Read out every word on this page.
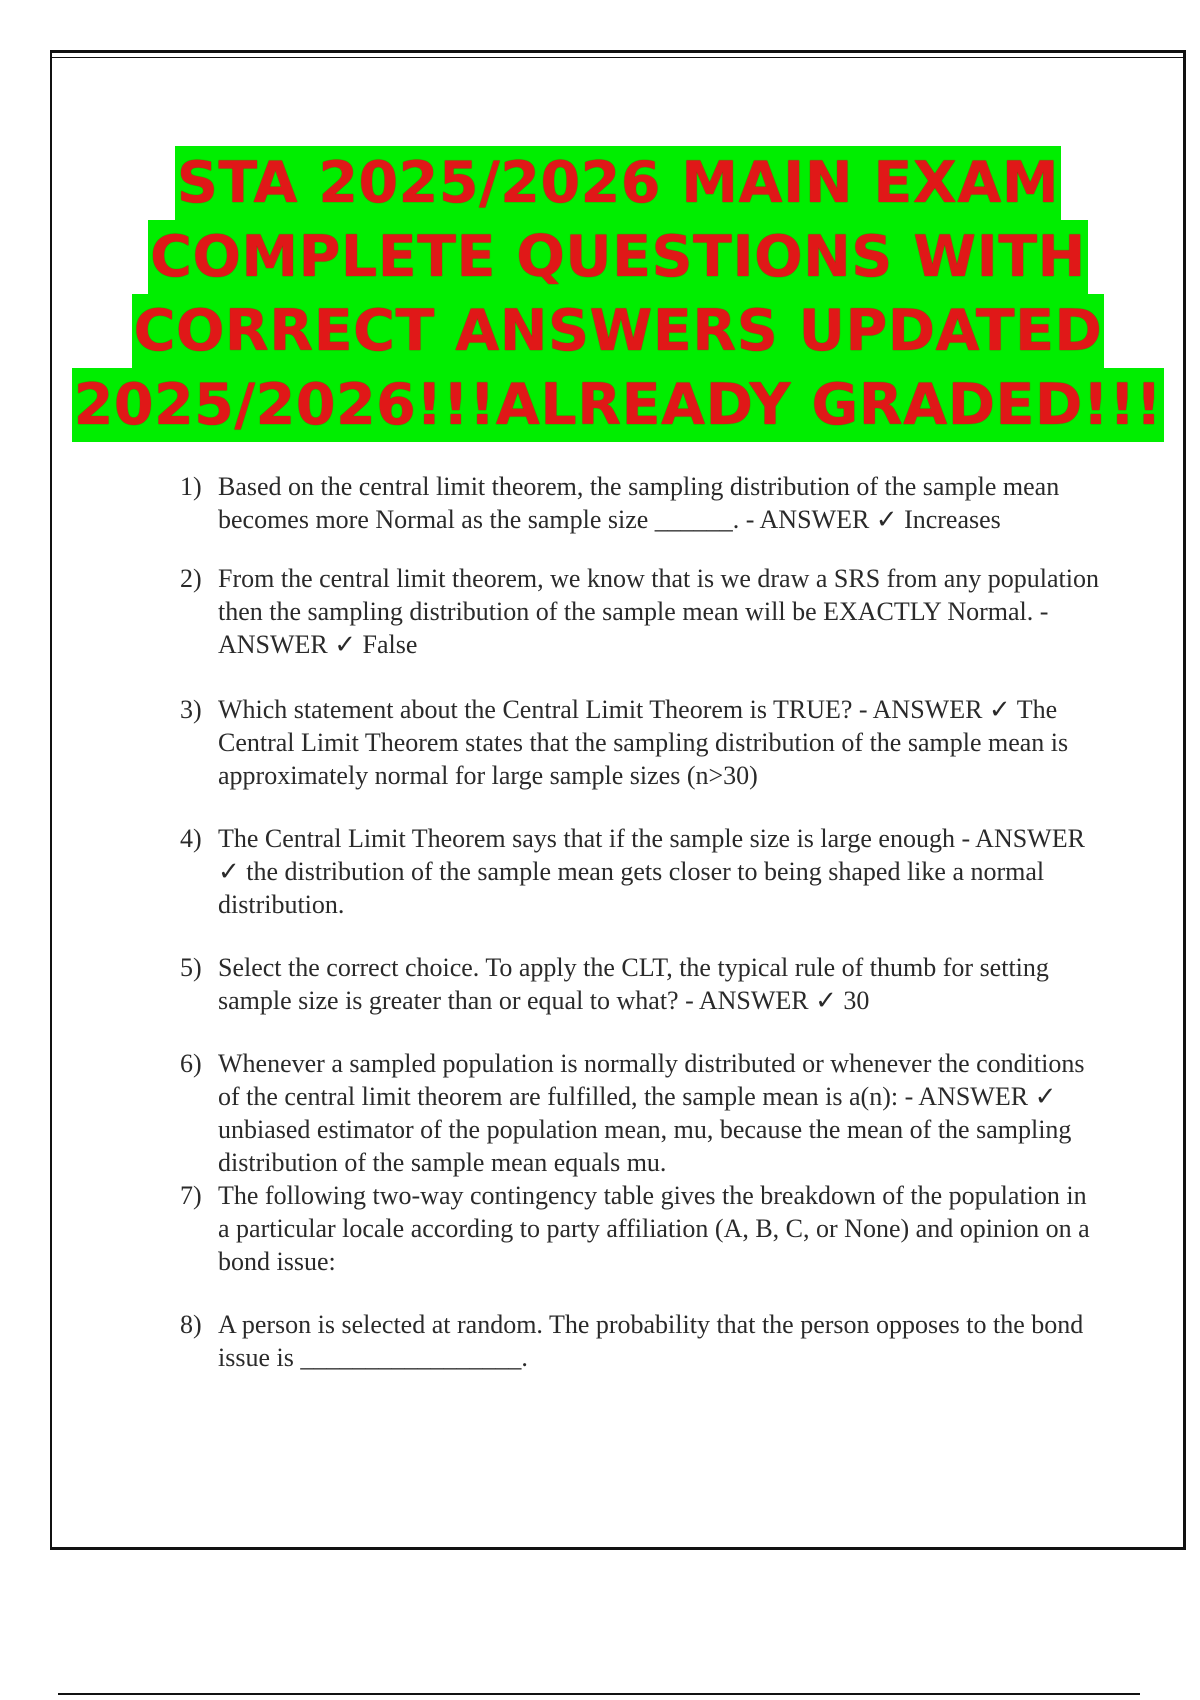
STA 2025/2026 MAIN EXAM
COMPLETE QUESTIONS WITH
CORRECT ANSWERS UPDATED
2025/2026!!!ALREADY GRADED!!!
1) Based on the central limit theorem, the sampling distribution of the sample mean becomes more Normal as the sample size ______. - ANSWER ✓ Increases
2) From the central limit theorem, we know that is we draw a SRS from any population then the sampling distribution of the sample mean will be EXACTLY Normal. - ANSWER ✓ False
3) Which statement about the Central Limit Theorem is TRUE? - ANSWER ✓ The Central Limit Theorem states that the sampling distribution of the sample mean is approximately normal for large sample sizes (n>30)
4) The Central Limit Theorem says that if the sample size is large enough - ANSWER ✓ the distribution of the sample mean gets closer to being shaped like a normal distribution.
5) Select the correct choice. To apply the CLT, the typical rule of thumb for setting sample size is greater than or equal to what? - ANSWER ✓ 30
6) Whenever a sampled population is normally distributed or whenever the conditions of the central limit theorem are fulfilled, the sample mean is a(n): - ANSWER ✓ unbiased estimator of the population mean, mu, because the mean of the sampling distribution of the sample mean equals mu.
7) The following two-way contingency table gives the breakdown of the population in a particular locale according to party affiliation (A, B, C, or None) and opinion on a bond issue:
8) A person is selected at random. The probability that the person opposes to the bond issue is _________________.
